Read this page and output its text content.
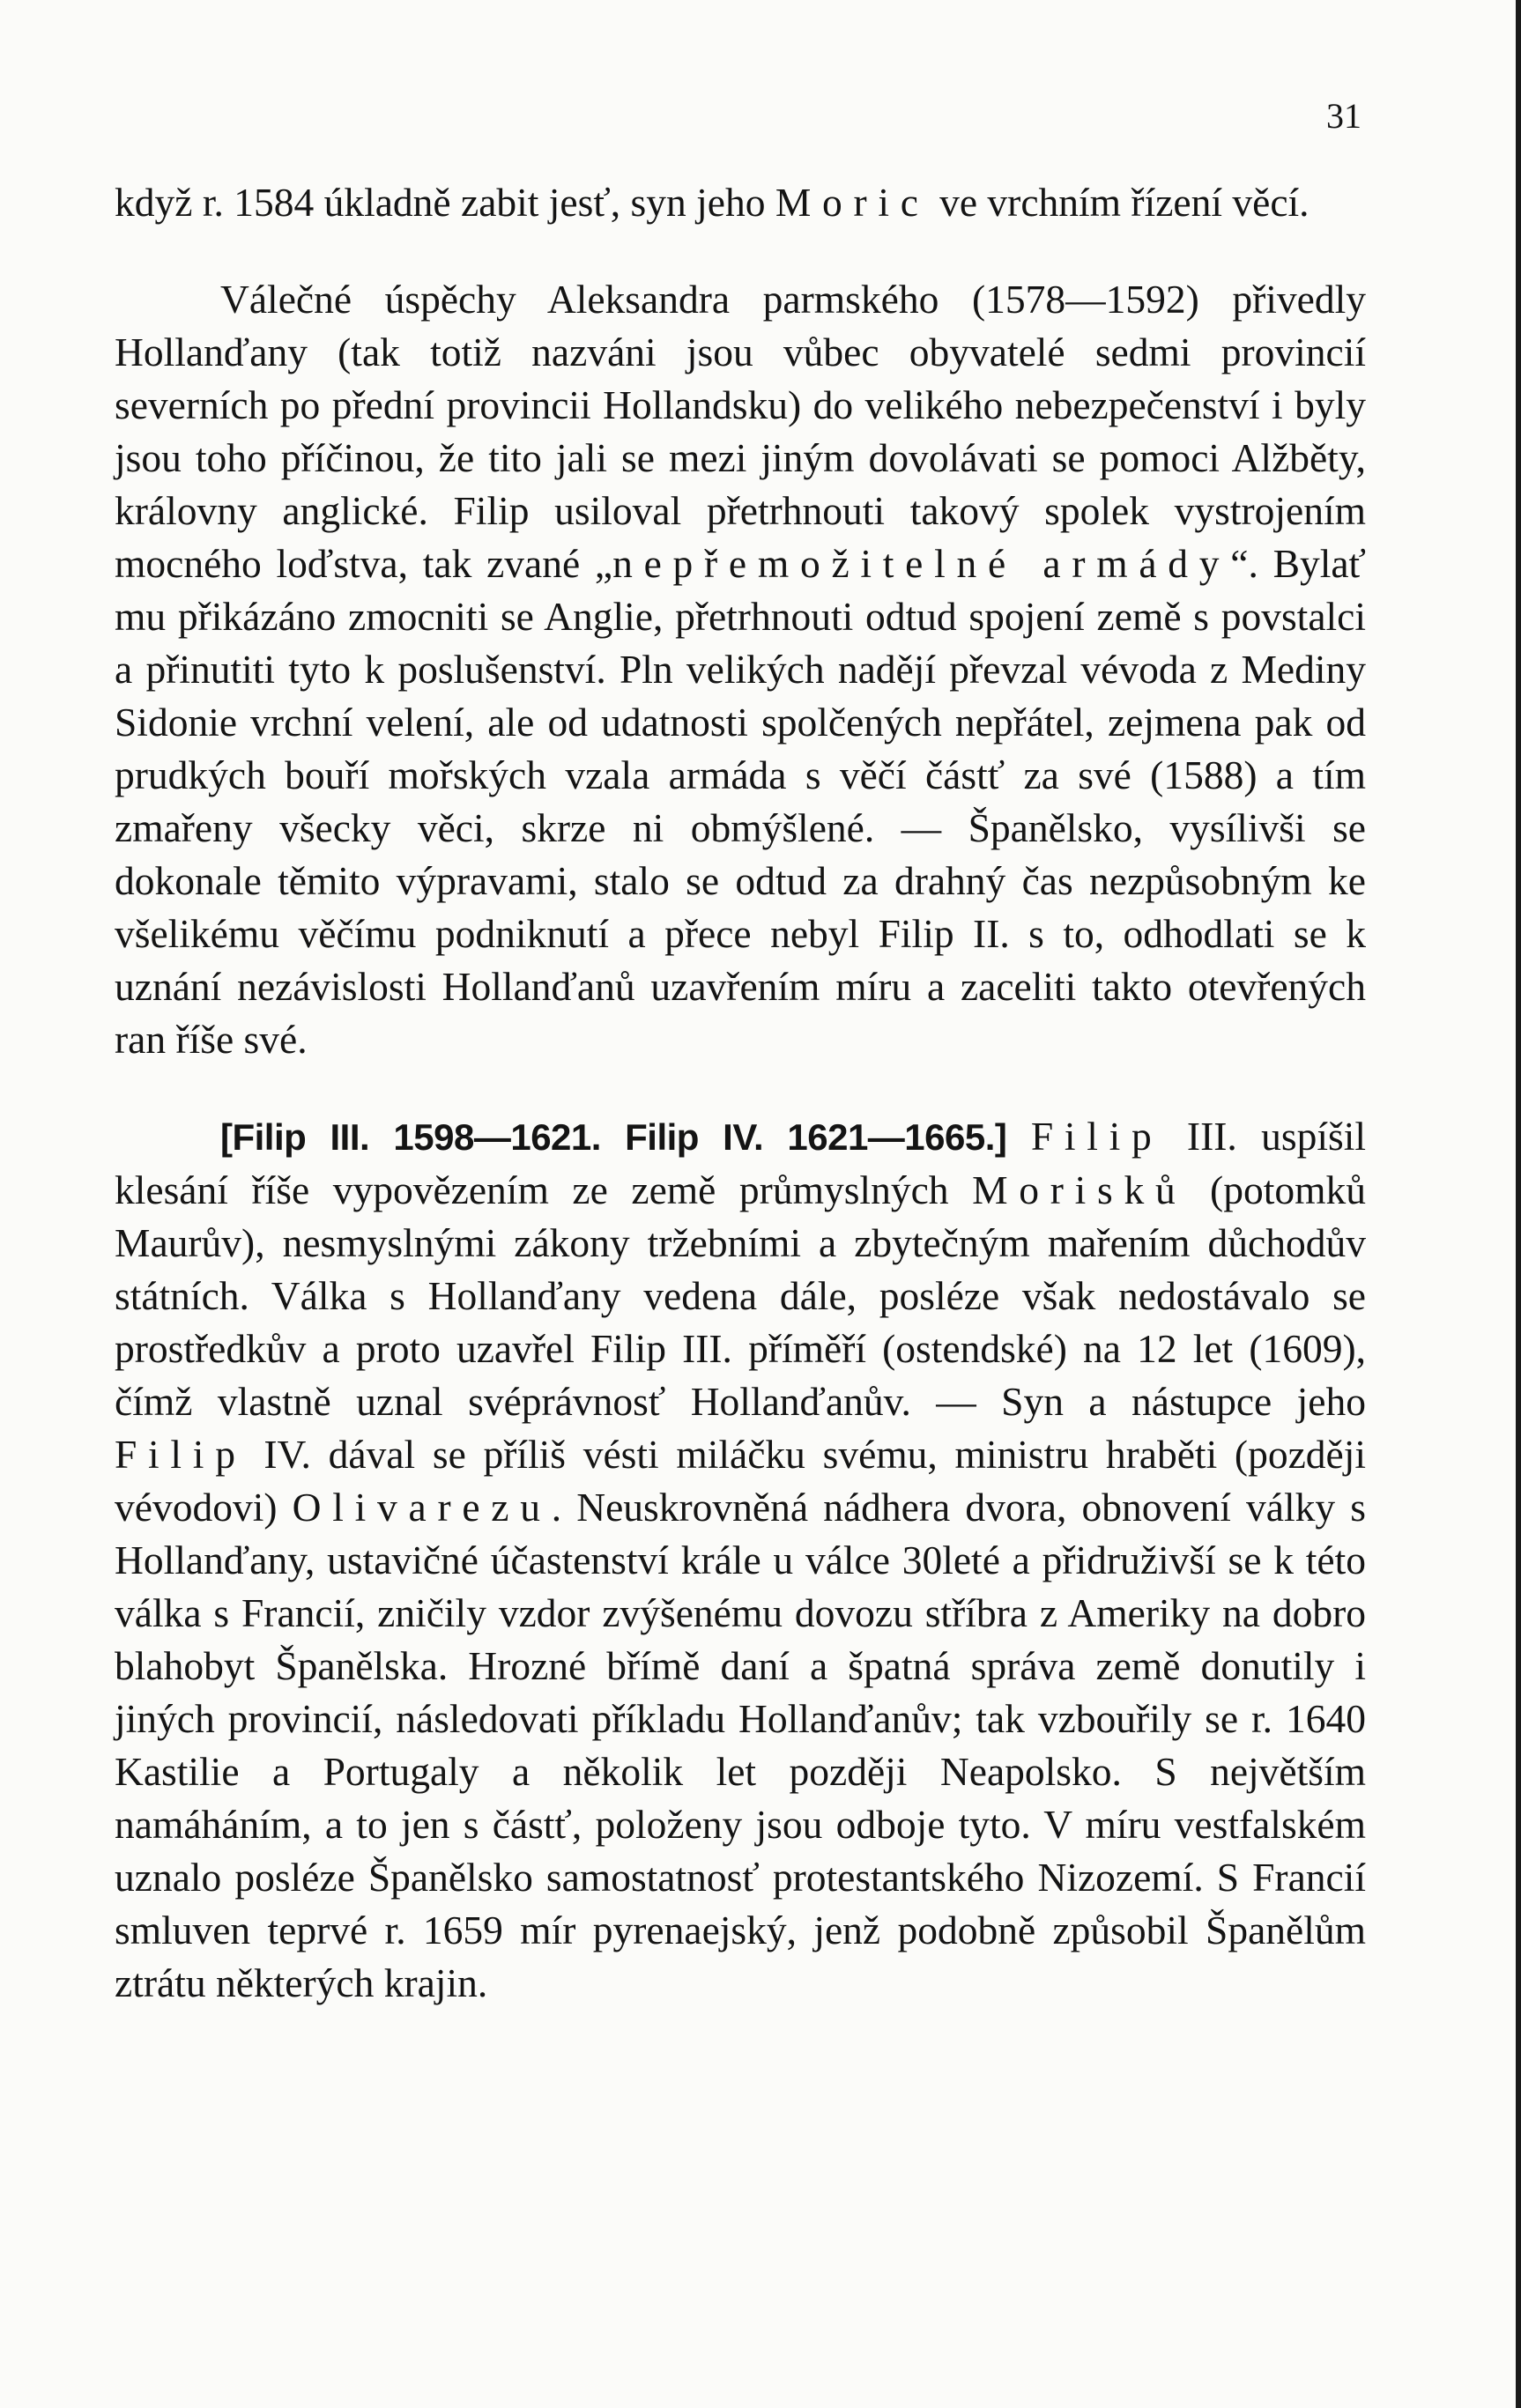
31

když r. 1584 úkladně zabit jesť, syn jeho Moric ve vrchním řízení věcí.

Válečné úspěchy Aleksandra parmského (1578—1592) přivedly Hollanďany (tak totiž nazváni jsou vůbec obyvatelé sedmi provincií severních po přední provincii Hollandsku) do velikého nebezpečenství i byly jsou toho příčinou, že tito jali se mezi jiným dovolávati se pomoci Alžběty, královny anglické. Filip usiloval přetrhnouti takový spolek vystrojením mocného loďstva, tak zvané „nepřemožitelné armády“. Bylať mu přikázáno zmocniti se Anglie, přetrhnouti odtud spojení země s povstalci a přinutiti tyto k poslušenství. Pln velikých nadějí převzal vévoda z Mediny Sidonie vrchní velení, ale od udatnosti spolčených nepřátel, zejmena pak od prudkých bouří mořských vzala armáda s věčí částť za své (1588) a tím zmařeny všecky věci, skrze ni obmýšlené. — Španělsko, vysílivši se dokonale těmito výpravami, stalo se odtud za drahný čas nezpůsobným ke všelikému věčímu podniknutí a přece nebyl Filip II. s to, odhodlati se k uznání nezávislosti Hollanďanů uzavřením míru a zaceliti takto otevřených ran říše své.

[Filip III. 1598—1621. Filip IV. 1621—1665.] Filip III. uspíšil klesání říše vypovězením ze země průmyslných Morisků (potomků Maurův), nesmyslnými zákony tržebními a zbytečným mařením důchodův státních. Válka s Hollanďany vedena dále, posléze však nedostávalo se prostředkův a proto uzavřel Filip III. příměří (ostendské) na 12 let (1609), čímž vlastně uznal svéprávnosť Hollanďanův. — Syn a nástupce jeho Filip IV. dával se příliš vésti miláčku svému, ministru hraběti (později vévodovi) Olivarezu. Neuskrovněná nádhera dvora, obnovení války s Hollanďany, ustavičné účastenství krále u válce 30leté a přidruživší se k této válka s Francií, zničily vzdor zvýšenému dovozu stříbra z Ameriky na dobro blahobyt Španělska. Hrozné břímě daní a špatná správa země donutily i jiných provincií, následovati příkladu Hollanďanův; tak vzbouřily se r. 1640 Kastilie a Portugaly a několik let později Neapolsko. S největším namáháním, a to jen s částť, položeny jsou odboje tyto. V míru vestfalském uznalo posléze Španělsko samostatnosť protestantského Nizozemí. S Francií smluven teprvé r. 1659 mír pyrenaejský, jenž podobně způsobil Španělům ztrátu některých krajin.
